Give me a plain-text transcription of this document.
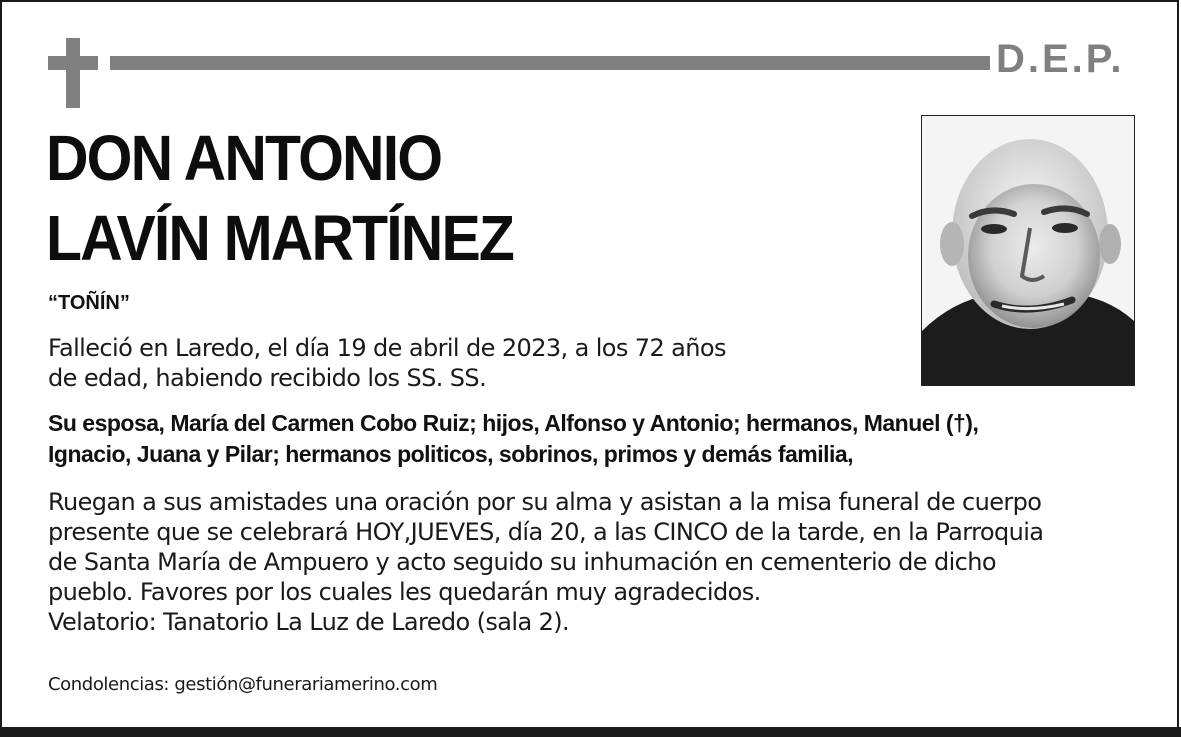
D.E.P.
DON ANTONIO
LAVÍN MARTÍNEZ
“TOÑÍN”
Falleció en Laredo, el día 19 de abril de 2023, a los 72 años
de edad, habiendo recibido los SS. SS.
Su esposa, María del Carmen Cobo Ruiz; hijos, Alfonso y Antonio; hermanos, Manuel (†),
Ignacio, Juana y Pilar; hermanos politicos, sobrinos, primos y demás familia,
Ruegan a sus amistades una oración por su alma y asistan a la misa funeral de cuerpo
presente que se celebrará HOY,JUEVES, día 20, a las CINCO de la tarde, en la Parroquia
de Santa María de Ampuero y acto seguido su inhumación en cementerio de dicho
pueblo. Favores por los cuales les quedarán muy agradecidos.
Velatorio: Tanatorio La Luz de Laredo (sala 2).
Condolencias: gestión@funerariamerino.com
